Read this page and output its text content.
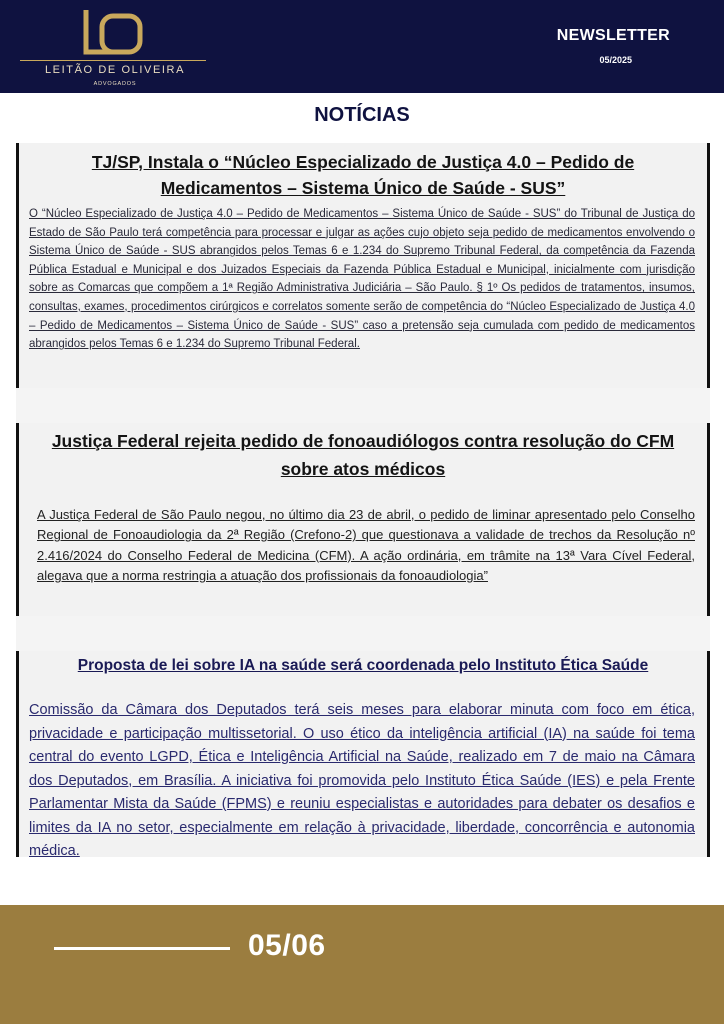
LEITÃO DE OLIVEIRA
ADVOGADOS
NEWSLETTER
05/2025
NOTÍCIAS
TJ/SP, Instala o “Núcleo Especializado de Justiça 4.0 – Pedido de Medicamentos – Sistema Único de Saúde - SUS”
O “Núcleo Especializado de Justiça 4.0 – Pedido de Medicamentos – Sistema Único de Saúde - SUS” do Tribunal de Justiça do Estado de São Paulo terá competência para processar e julgar as ações cujo objeto seja pedido de medicamentos envolvendo o Sistema Único de Saúde - SUS abrangidos pelos Temas 6 e 1.234 do Supremo Tribunal Federal, da competência da Fazenda Pública Estadual e Municipal e dos Juizados Especiais da Fazenda Pública Estadual e Municipal, inicialmente com jurisdição sobre as Comarcas que compõem a 1ª Região Administrativa Judiciária – São Paulo. § 1º Os pedidos de tratamentos, insumos, consultas, exames, procedimentos cirúrgicos e correlatos somente serão de competência do “Núcleo Especializado de Justiça 4.0 – Pedido de Medicamentos – Sistema Único de Saúde - SUS” caso a pretensão seja cumulada com pedido de medicamentos abrangidos pelos Temas 6 e 1.234 do Supremo Tribunal Federal.
Justiça Federal rejeita pedido de fonoaudiólogos contra resolução do CFM sobre atos médicos
A Justiça Federal de São Paulo negou, no último dia 23 de abril, o pedido de liminar apresentado pelo Conselho Regional de Fonoaudiologia da 2ª Região (Crefono-2) que questionava a validade de trechos da Resolução nº 2.416/2024 do Conselho Federal de Medicina (CFM). A ação ordinária, em trâmite na 13ª Vara Cível Federal, alegava que a norma restringia a atuação dos profissionais da fonoaudiologia”
Proposta de lei sobre IA na saúde será coordenada pelo Instituto Ética Saúde
Comissão da Câmara dos Deputados terá seis meses para elaborar minuta com foco em ética, privacidade e participação multissetorial. O uso ético da inteligência artificial (IA) na saúde foi tema central do evento LGPD, Ética e Inteligência Artificial na Saúde, realizado em 7 de maio na Câmara dos Deputados, em Brasília. A iniciativa foi promovida pelo Instituto Ética Saúde (IES) e pela Frente Parlamentar Mista da Saúde (FPMS) e reuniu especialistas e autoridades para debater os desafios e limites da IA no setor, especialmente em relação à privacidade, liberdade, concorrência e autonomia médica.
05/06
